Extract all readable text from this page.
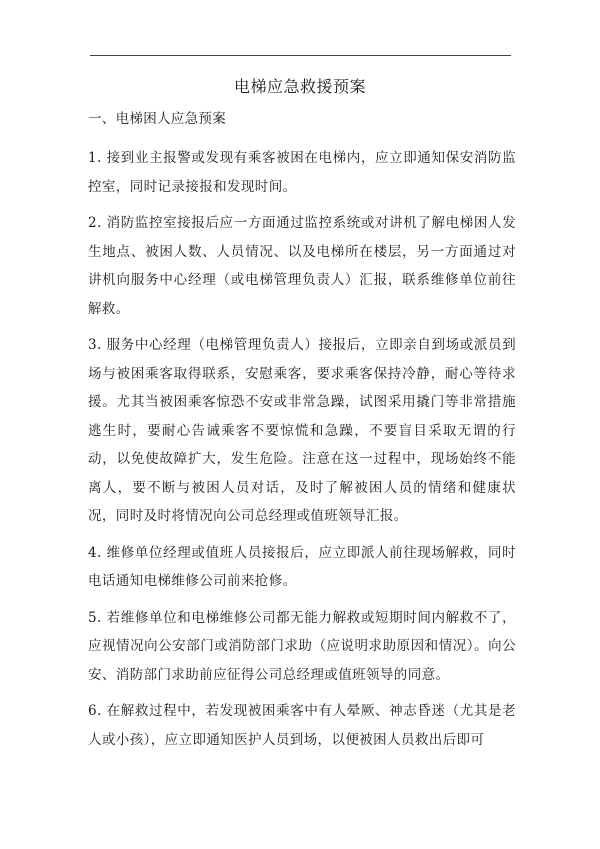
电梯应急救援预案
一、电梯困人应急预案

1. 接到业主报警或发现有乘客被困在电梯内，应立即通知保安消防监控室，同时记录接报和发现时间。

2. 消防监控室接报后应一方面通过监控系统或对讲机了解电梯困人发生地点、被困人数、人员情况、以及电梯所在楼层，另一方面通过对讲机向服务中心经理（或电梯管理负责人）汇报，联系维修单位前往解救。

3. 服务中心经理（电梯管理负责人）接报后，立即亲自到场或派员到场与被困乘客取得联系，安慰乘客，要求乘客保持冷静，耐心等待求援。尤其当被困乘客惊恐不安或非常急躁，试图采用撬门等非常措施逃生时，要耐心告诫乘客不要惊慌和急躁，不要盲目采取无谓的行动，以免使故障扩大，发生危险。注意在这一过程中，现场始终不能离人，要不断与被困人员对话，及时了解被困人员的情绪和健康状况，同时及时将情况向公司总经理或值班领导汇报。

4. 维修单位经理或值班人员接报后，应立即派人前往现场解救，同时电话通知电梯维修公司前来抢修。

5. 若维修单位和电梯维修公司都无能力解救或短期时间内解救不了，应视情况向公安部门或消防部门求助（应说明求助原因和情况）。向公安、消防部门求助前应征得公司总经理或值班领导的同意。

6. 在解救过程中，若发现被困乘客中有人晕厥、神志昏迷（尤其是老人或小孩），应立即通知医护人员到场，以便被困人员救出后即可
